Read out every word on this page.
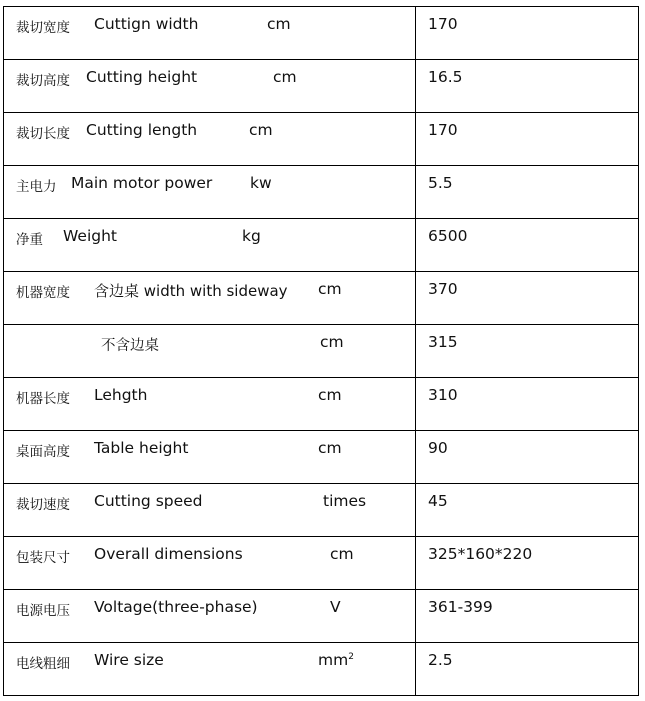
裁切宽度 Cuttign width cm	170

裁切高度 Cutting height cm	16.5

裁切长度 Cutting length cm	170

主电力 Main motor power kw	5.5

净重 Weight kg	6500

机器宽度 含边桌 width with sideway cm	370

不含边桌 cm	315

机器长度 Lehgth cm	310

桌面高度 Table height cm	90

裁切速度 Cutting speed times	45

包装尺寸 Overall dimensions cm	325*160*220

电源电压 Voltage(three-phase) V	361-399

电线粗细 Wire size $mm^2$	2.5
